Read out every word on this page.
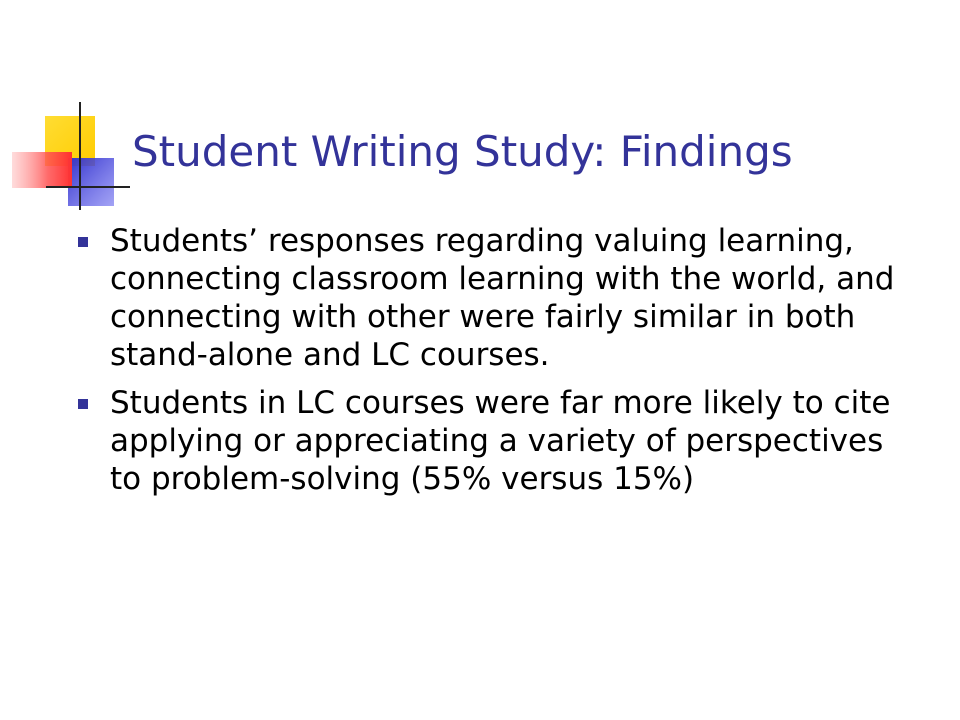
Student Writing Study: Findings
Students’ responses regarding valuing learning, connecting classroom learning with the world, and connecting with other were fairly similar in both stand-alone and LC courses.
Students in LC courses were far more likely to cite applying or appreciating a variety of perspectives to problem-solving (55% versus 15%)
